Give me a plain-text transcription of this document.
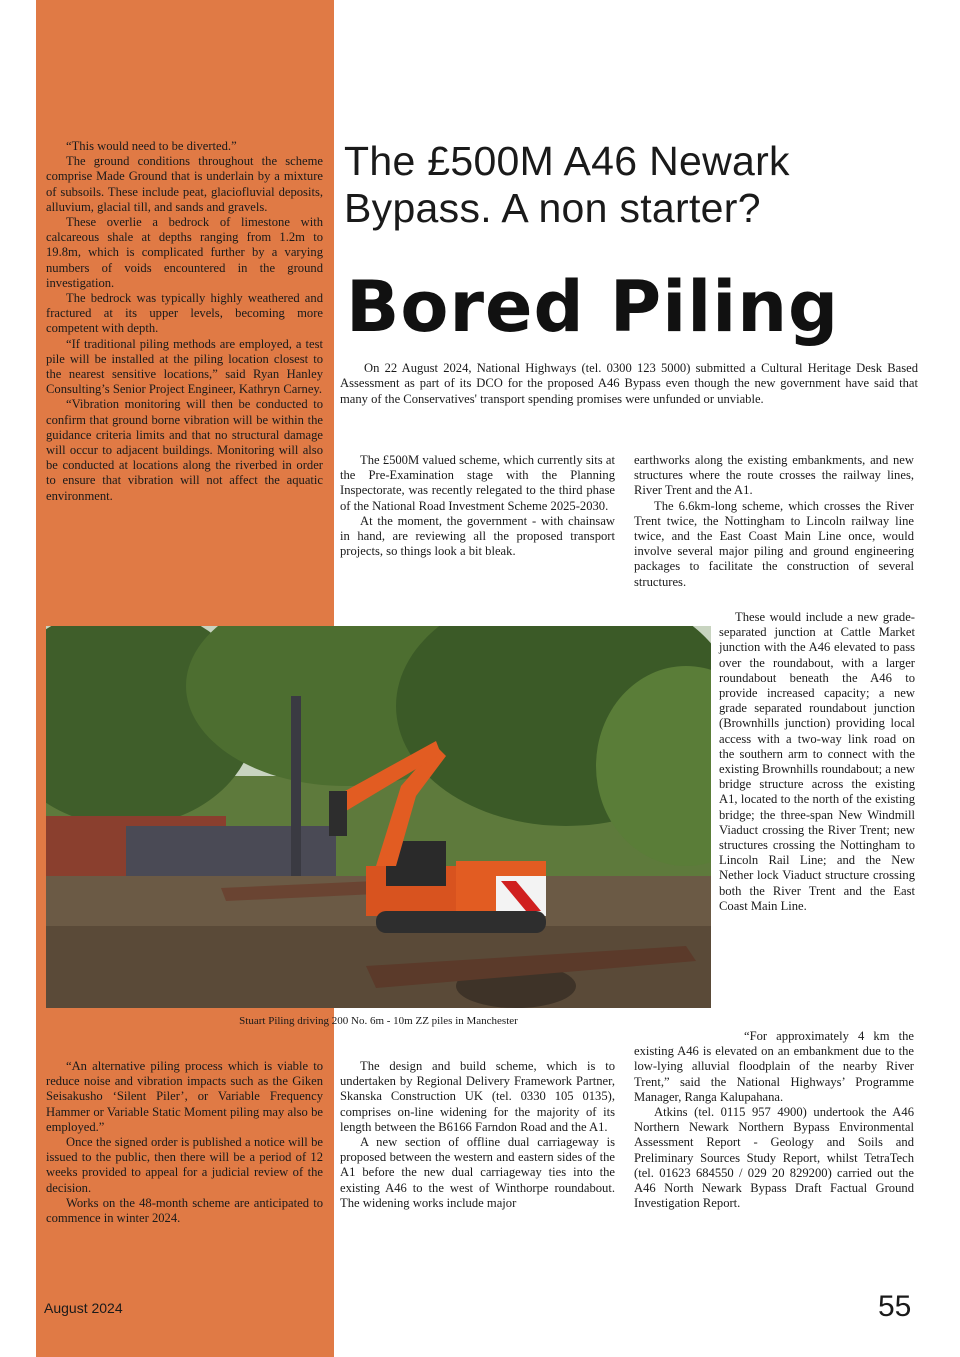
“This would need to be diverted.”

The ground conditions throughout the scheme comprise Made Ground that is underlain by a mixture of subsoils. These include peat, glaciofluvial deposits, alluvium, glacial till, and sands and gravels.

These overlie a bedrock of limestone with calcareous shale at depths ranging from 1.2m to 19.8m, which is complicated further by a varying numbers of voids encountered in the ground investigation.

The bedrock was typically highly weathered and fractured at its upper levels, becoming more competent with depth.

“If traditional piling methods are employed, a test pile will be installed at the piling location closest to the nearest sensitive locations,” said Ryan Hanley Consulting’s Senior Project Engineer, Kathryn Carney.

“Vibration monitoring will then be conducted to confirm that ground borne vibration will be within the guidance criteria limits and that no structural damage will occur to adjacent buildings. Monitoring will also be conducted at locations along the riverbed in order to ensure that vibration will not affect the aquatic environment.

The £500M A46 Newark
Bypass. A non starter?
Bored Piling

On 22 August 2024, National Highways (tel. 0300 123 5000) submitted a Cultural Heritage Desk Based Assessment as part of its DCO for the proposed A46 Bypass even though the new government have said that many of the Conservatives' transport spending promises were unfunded or unviable.

The £500M valued scheme, which currently sits at the Pre-Examination stage with the Planning Inspectorate, was recently relegated to the third phase of the National Road Investment Scheme 2025-2030.

At the moment, the government - with chainsaw in hand, are reviewing all the proposed transport projects, so things look a bit bleak.

earthworks along the existing embankments, and new structures where the route crosses the railway lines, River Trent and the A1.

The 6.6km-long scheme, which crosses the River Trent twice, the Nottingham to Lincoln railway line twice, and the East Coast Main Line once, would involve several major piling and ground engineering packages to facilitate the construction of several structures.

These would include a new grade-separated junction at Cattle Market junction with the A46 elevated to pass over the roundabout, with a larger roundabout beneath the A46 to provide increased capacity; a new grade separated roundabout junction (Brownhills junction) providing local access with a two-way link road on the southern arm to connect with the existing Brownhills roundabout; a new bridge structure across the existing A1, located to the north of the existing bridge; the three-span New Windmill Viaduct crossing the River Trent; new structures crossing the Nottingham to Lincoln Rail Line; and the New Nether lock Viaduct structure crossing both the River Trent and the East Coast Main Line.

Stuart Piling driving 200 No. 6m - 10m ZZ piles in Manchester

“For approximately 4 km the existing A46 is elevated on an embankment due to the low-lying alluvial floodplain of the nearby River Trent,” said the National Highways’ Programme Manager, Ranga Kalupahana.

Atkins (tel. 0115 957 4900) undertook the A46 Northern Newark Northern Bypass Environmental Assessment Report - Geology and Soils and Preliminary Sources Study Report, whilst TetraTech (tel. 01623 684550 / 029 20 829200) carried out the A46 North Newark Bypass Draft Factual Ground Investigation Report.

“An alternative piling process which is viable to reduce noise and vibration impacts such as the Giken Seisakusho ‘Silent Piler’, or Variable Frequency Hammer or Variable Static Moment piling may also be employed.”

Once the signed order is published a notice will be issued to the public, then there will be a period of 12 weeks provided to appeal for a judicial review of the decision.

Works on the 48-month scheme are anticipated to commence in winter 2024.

The design and build scheme, which is to undertaken by Regional Delivery Framework Partner, Skanska Construction UK (tel. 0330 105 0135), comprises on-line widening for the majority of its length between the B6166 Farndon Road and the A1.

A new section of offline dual carriageway is proposed between the western and eastern sides of the A1 before the new dual carriageway ties into the existing A46 to the west of Winthorpe roundabout. The widening works include major

August 2024	55
